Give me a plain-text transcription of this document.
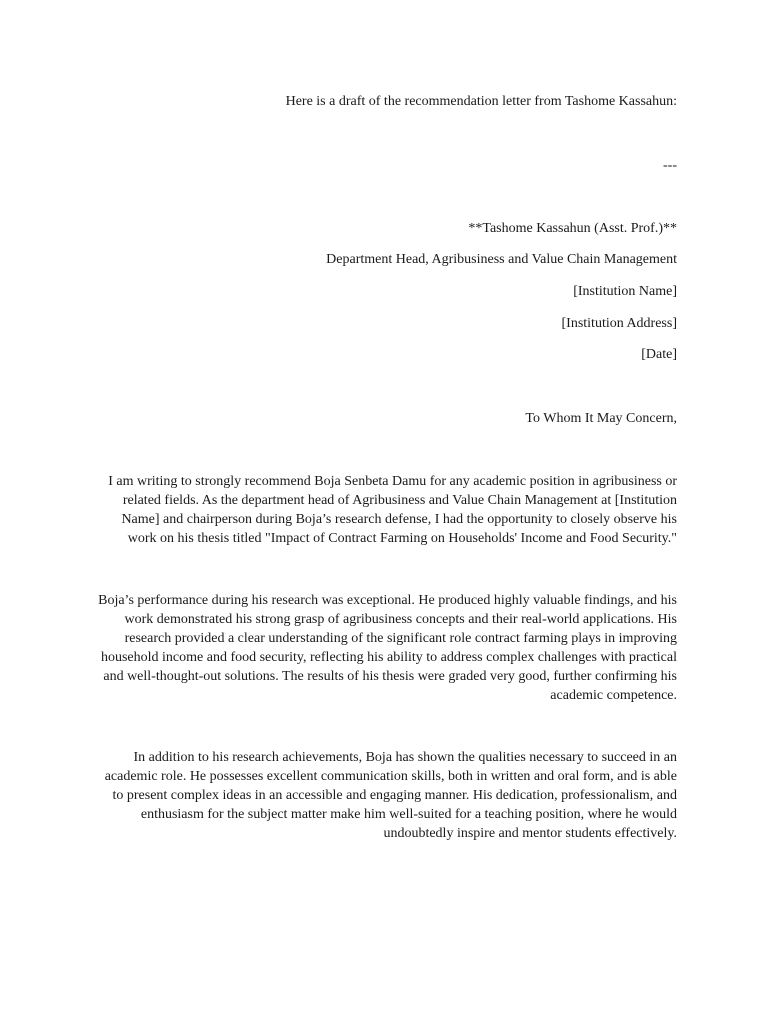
Here is a draft of the recommendation letter from Tashome Kassahun:
---
**Tashome Kassahun (Asst. Prof.)**
Department Head, Agribusiness and Value Chain Management
[Institution Name]
[Institution Address]
[Date]
To Whom It May Concern,

I am writing to strongly recommend Boja Senbeta Damu for any academic position in agribusiness or related fields. As the department head of Agribusiness and Value Chain Management at [Institution Name] and chairperson during Boja’s research defense, I had the opportunity to closely observe his work on his thesis titled "Impact of Contract Farming on Households' Income and Food Security."

Boja’s performance during his research was exceptional. He produced highly valuable findings, and his work demonstrated his strong grasp of agribusiness concepts and their real-world applications. His research provided a clear understanding of the significant role contract farming plays in improving household income and food security, reflecting his ability to address complex challenges with practical and well-thought-out solutions. The results of his thesis were graded very good, further confirming his academic competence.

In addition to his research achievements, Boja has shown the qualities necessary to succeed in an academic role. He possesses excellent communication skills, both in written and oral form, and is able to present complex ideas in an accessible and engaging manner. His dedication, professionalism, and enthusiasm for the subject matter make him well-suited for a teaching position, where he would undoubtedly inspire and mentor students effectively.
